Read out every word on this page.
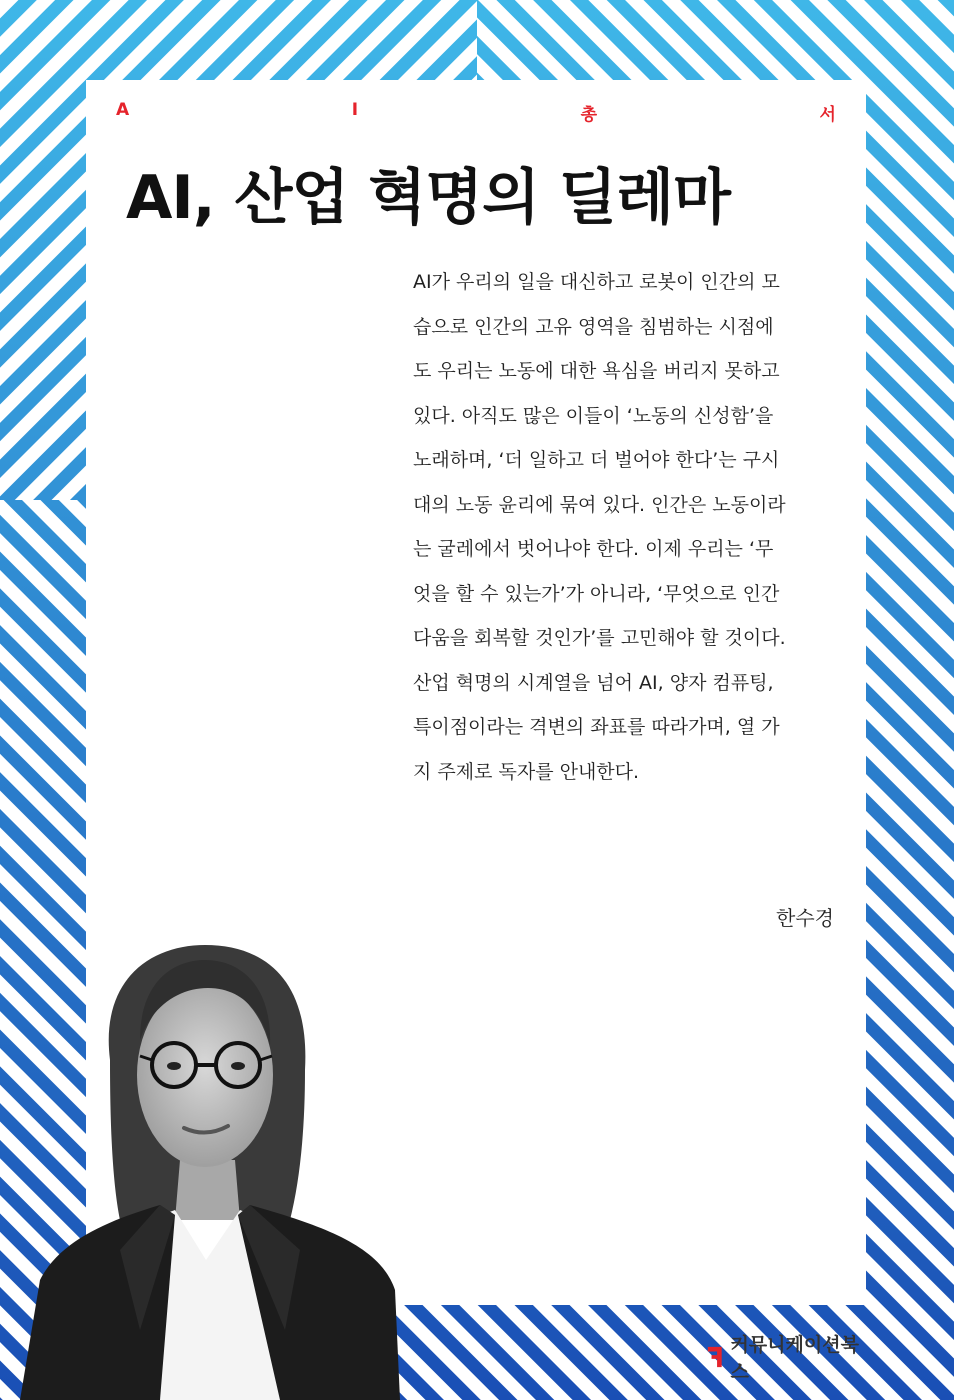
A	I	총	서
AI, 산업 혁명의 딜레마
AI가 우리의 일을 대신하고 로봇이 인간의 모
습으로 인간의 고유 영역을 침범하는 시점에
도 우리는 노동에 대한 욕심을 버리지 못하고
있다. 아직도 많은 이들이 ‘노동의 신성함’을
노래하며, ‘더 일하고 더 벌어야 한다’는 구시
대의 노동 윤리에 묶여 있다. 인간은 노동이라
는 굴레에서 벗어나야 한다. 이제 우리는 ‘무
엇을 할 수 있는가’가 아니라, ‘무엇으로 인간
다움을 회복할 것인가’를 고민해야 할 것이다.
산업 혁명의 시계열을 넘어 AI, 양자 컴퓨팅,
특이점이라는 격변의 좌표를 따라가며, 열 가
지 주제로 독자를 안내한다.
한수경
커뮤니케이션북스
